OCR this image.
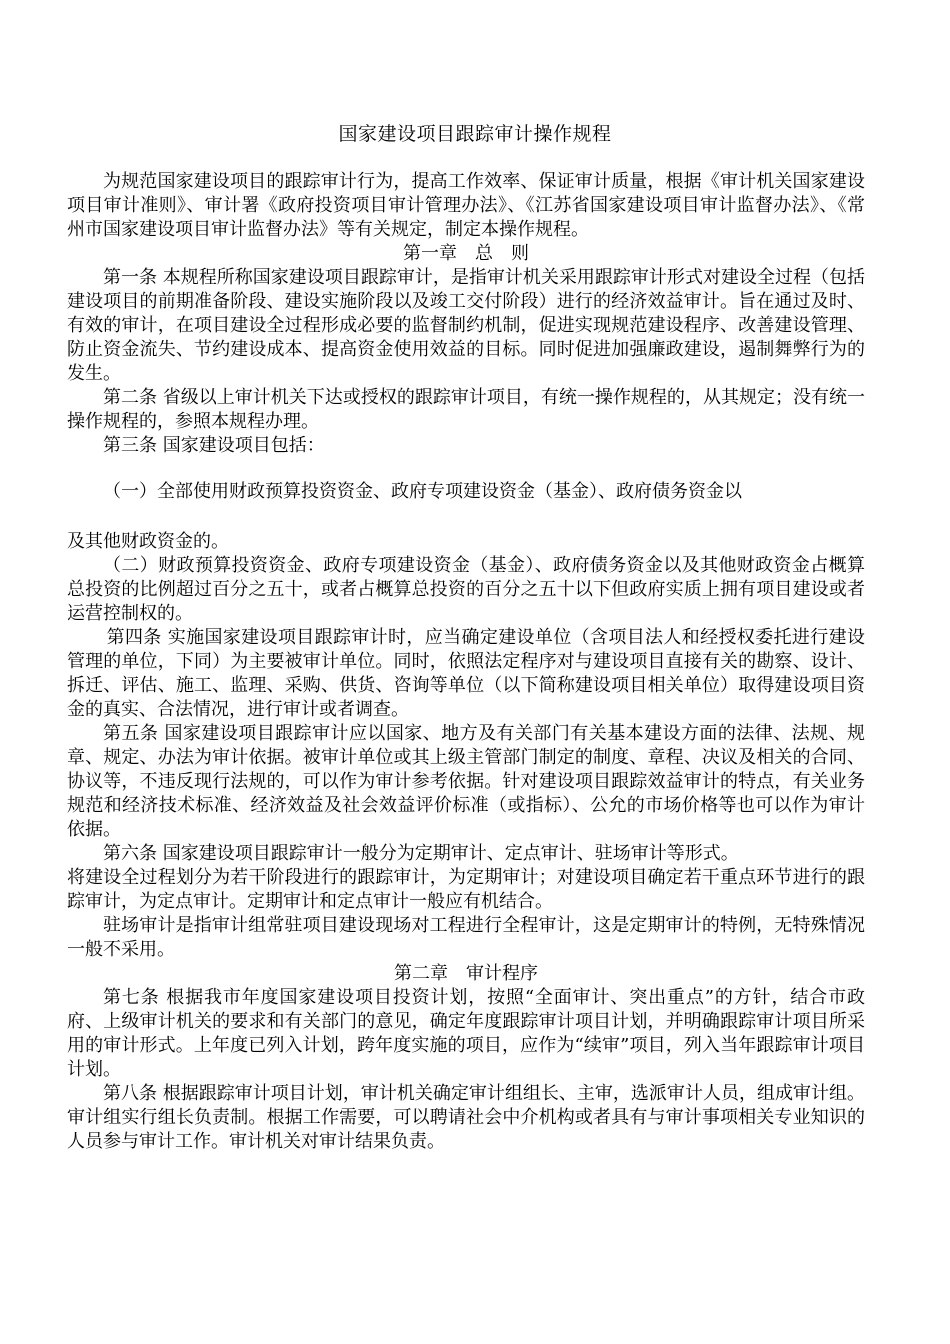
国家建设项目跟踪审计操作规程

为规范国家建设项目的跟踪审计行为，提高工作效率、保证审计质量，根据《审计机关国家建设项目审计准则》、审计署《政府投资项目审计管理办法》、《江苏省国家建设项目审计监督办法》、《常州市国家建设项目审计监督办法》等有关规定，制定本操作规程。

第一章　总　则

第一条 本规程所称国家建设项目跟踪审计，是指审计机关采用跟踪审计形式对建设全过程（包括建设项目的前期准备阶段、建设实施阶段以及竣工交付阶段）进行的经济效益审计。旨在通过及时、有效的审计，在项目建设全过程形成必要的监督制约机制，促进实现规范建设程序、改善建设管理、防止资金流失、节约建设成本、提高资金使用效益的目标。同时促进加强廉政建设，遏制舞弊行为的发生。

第二条 省级以上审计机关下达或授权的跟踪审计项目，有统一操作规程的，从其规定；没有统一操作规程的，参照本规程办理。

第三条 国家建设项目包括：

（一）全部使用财政预算投资资金、政府专项建设资金（基金）、政府债务资金以

及其他财政资金的。

（二）财政预算投资资金、政府专项建设资金（基金）、政府债务资金以及其他财政资金占概算总投资的比例超过百分之五十，或者占概算总投资的百分之五十以下但政府实质上拥有项目建设或者运营控制权的。

第四条 实施国家建设项目跟踪审计时，应当确定建设单位（含项目法人和经授权委托进行建设管理的单位，下同）为主要被审计单位。同时，依照法定程序对与建设项目直接有关的勘察、设计、拆迁、评估、施工、监理、采购、供货、咨询等单位（以下简称建设项目相关单位）取得建设项目资金的真实、合法情况，进行审计或者调查。

第五条 国家建设项目跟踪审计应以国家、地方及有关部门有关基本建设方面的法律、法规、规章、规定、办法为审计依据。被审计单位或其上级主管部门制定的制度、章程、决议及相关的合同、协议等，不违反现行法规的，可以作为审计参考依据。针对建设项目跟踪效益审计的特点，有关业务规范和经济技术标准、经济效益及社会效益评价标准（或指标）、公允的市场价格等也可以作为审计依据。

第六条 国家建设项目跟踪审计一般分为定期审计、定点审计、驻场审计等形式。

将建设全过程划分为若干阶段进行的跟踪审计，为定期审计；对建设项目确定若干重点环节进行的跟踪审计，为定点审计。定期审计和定点审计一般应有机结合。

驻场审计是指审计组常驻项目建设现场对工程进行全程审计，这是定期审计的特例，无特殊情况一般不采用。

第二章　审计程序

第七条 根据我市年度国家建设项目投资计划，按照“全面审计、突出重点”的方针，结合市政府、上级审计机关的要求和有关部门的意见，确定年度跟踪审计项目计划，并明确跟踪审计项目所采用的审计形式。上年度已列入计划，跨年度实施的项目，应作为“续审”项目，列入当年跟踪审计项目计划。

第八条 根据跟踪审计项目计划，审计机关确定审计组组长、主审，选派审计人员，组成审计组。审计组实行组长负责制。根据工作需要，可以聘请社会中介机构或者具有与审计事项相关专业知识的人员参与审计工作。审计机关对审计结果负责。
